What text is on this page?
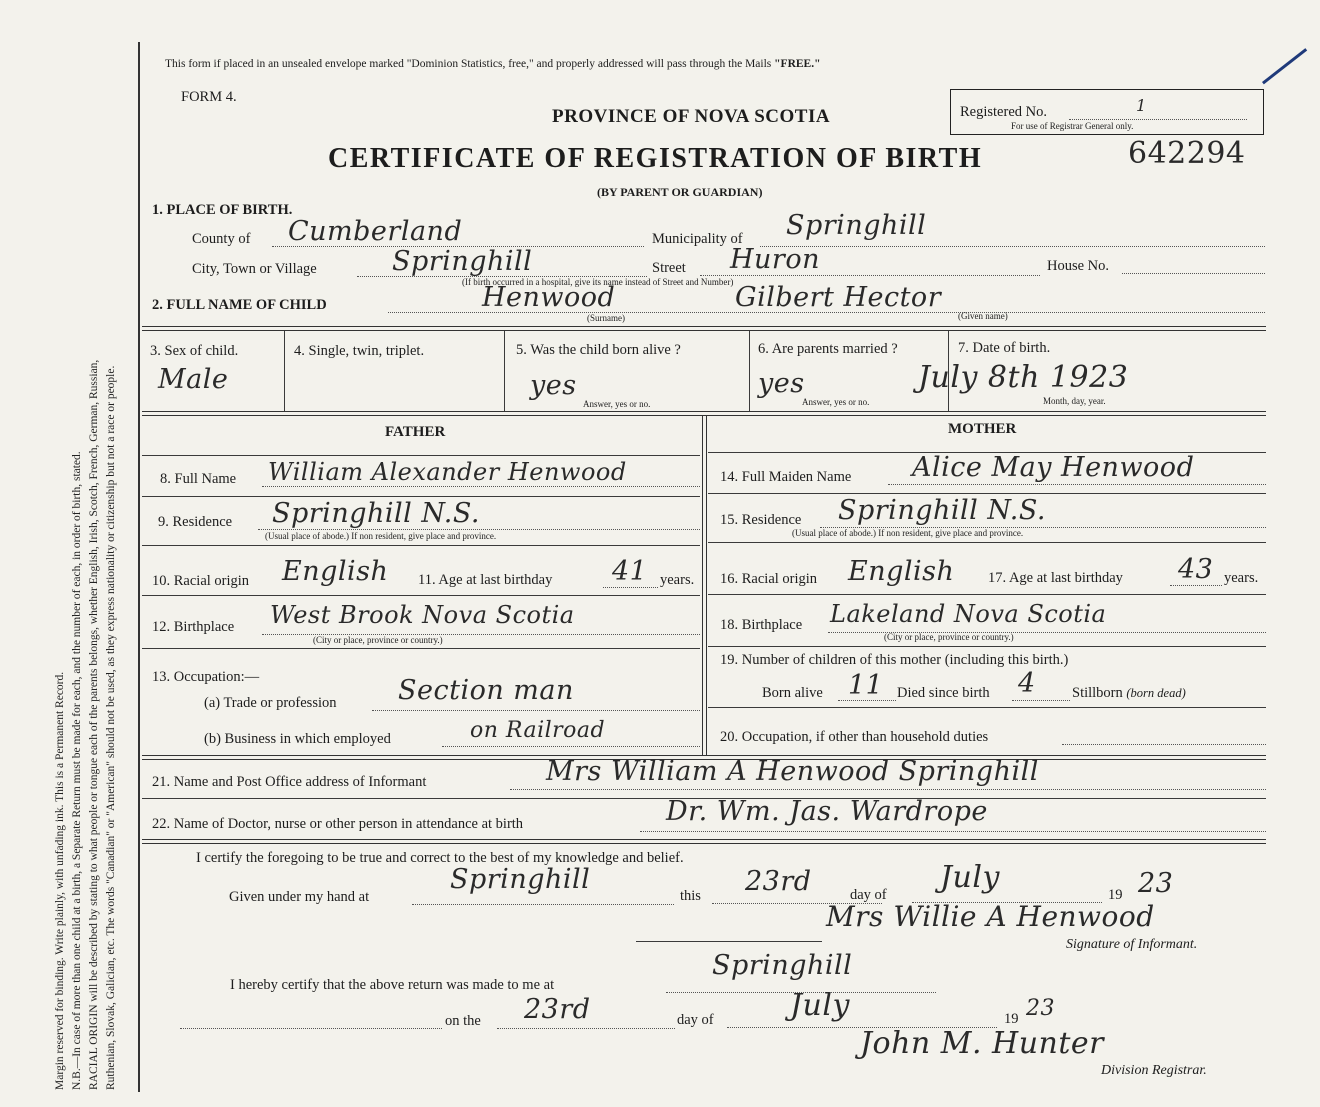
Margin reserved for binding. Write plainly, with unfading ink. This is a Permanent Record. N.B.—In case of more than one child at a birth, a Separate Return must be made for each, and the number of each, in order of birth, stated. RACIAL ORIGIN will be described by stating to what people or tongue each of the parents belongs, whether English, Irish, Scotch, French, German, Russian, Ruthenian, Slovak, Galician, etc. The words "Canadian" or "American" should not be used, as they express nationality or citizenship but not a race or people.
This form if placed in an unsealed envelope marked "Dominion Statistics, free," and properly addressed will pass through the Mails "FREE."
FORM 4.
PROVINCE OF NOVA SCOTIA
CERTIFICATE OF REGISTRATION OF BIRTH
(BY PARENT OR GUARDIAN)
Registered No.	1
For use of Registrar General only.
642294
1. PLACE OF BIRTH.
County of Cumberland	Municipality of Springhill
City, Town or Village	Springhill	Street Huron	House No.
(If birth occurred in a hospital, give its name instead of Street and Number)
2. FULL NAME OF CHILD	Henwood	Gilbert Hector
(Surname)	(Given name)
3. Sex of child.
Male
4. Single, twin, triplet.	5. Was the child born alive ?
yes
Answer, yes or no.
6. Are parents married ?
yes
Answer, yes or no.
7. Date of birth.
July 8th 1923
Month, day, year.
FATHER	MOTHER
8. Full Name William Alexander Henwood
9. Residence Springhill N.S.
(Usual place of abode.) If non resident, give place and province.
10. Racial origin English 11. Age at last birthday 41 years.
12. Birthplace West Brook Nova Scotia
(City or place, province or country.)
13. Occupation:—
(a) Trade or profession Section man
(b) Business in which employed	on Railroad
14. Full Maiden Name Alice May Henwood
15. Residence Springhill N.S.
(Usual place of abode.) If non resident, give place and province.
16. Racial origin English 17. Age at last birthday 43 years.
18. Birthplace Lakeland Nova Scotia
(City or place, province or country.)
19. Number of children of this mother (including this birth.)
Born alive 11 Died since birth 4	Stillborn (born dead)
20. Occupation, if other than household duties
21. Name and Post Office address of Informant	Mrs William A Henwood Springhill
22. Name of Doctor, nurse or other person in attendance at birth	Dr. Wm. Jas. Wardrope
I certify the foregoing to be true and correct to the best of my knowledge and belief.
Given under my hand at
Springhill
this 23rd	day of July	19 23
Mrs Willie A Henwood
Signature of Informant.
I hereby certify that the above return was made to me at
Springhill
on the 23rd	day of	July	19 23
John M. Hunter
Division Registrar.
